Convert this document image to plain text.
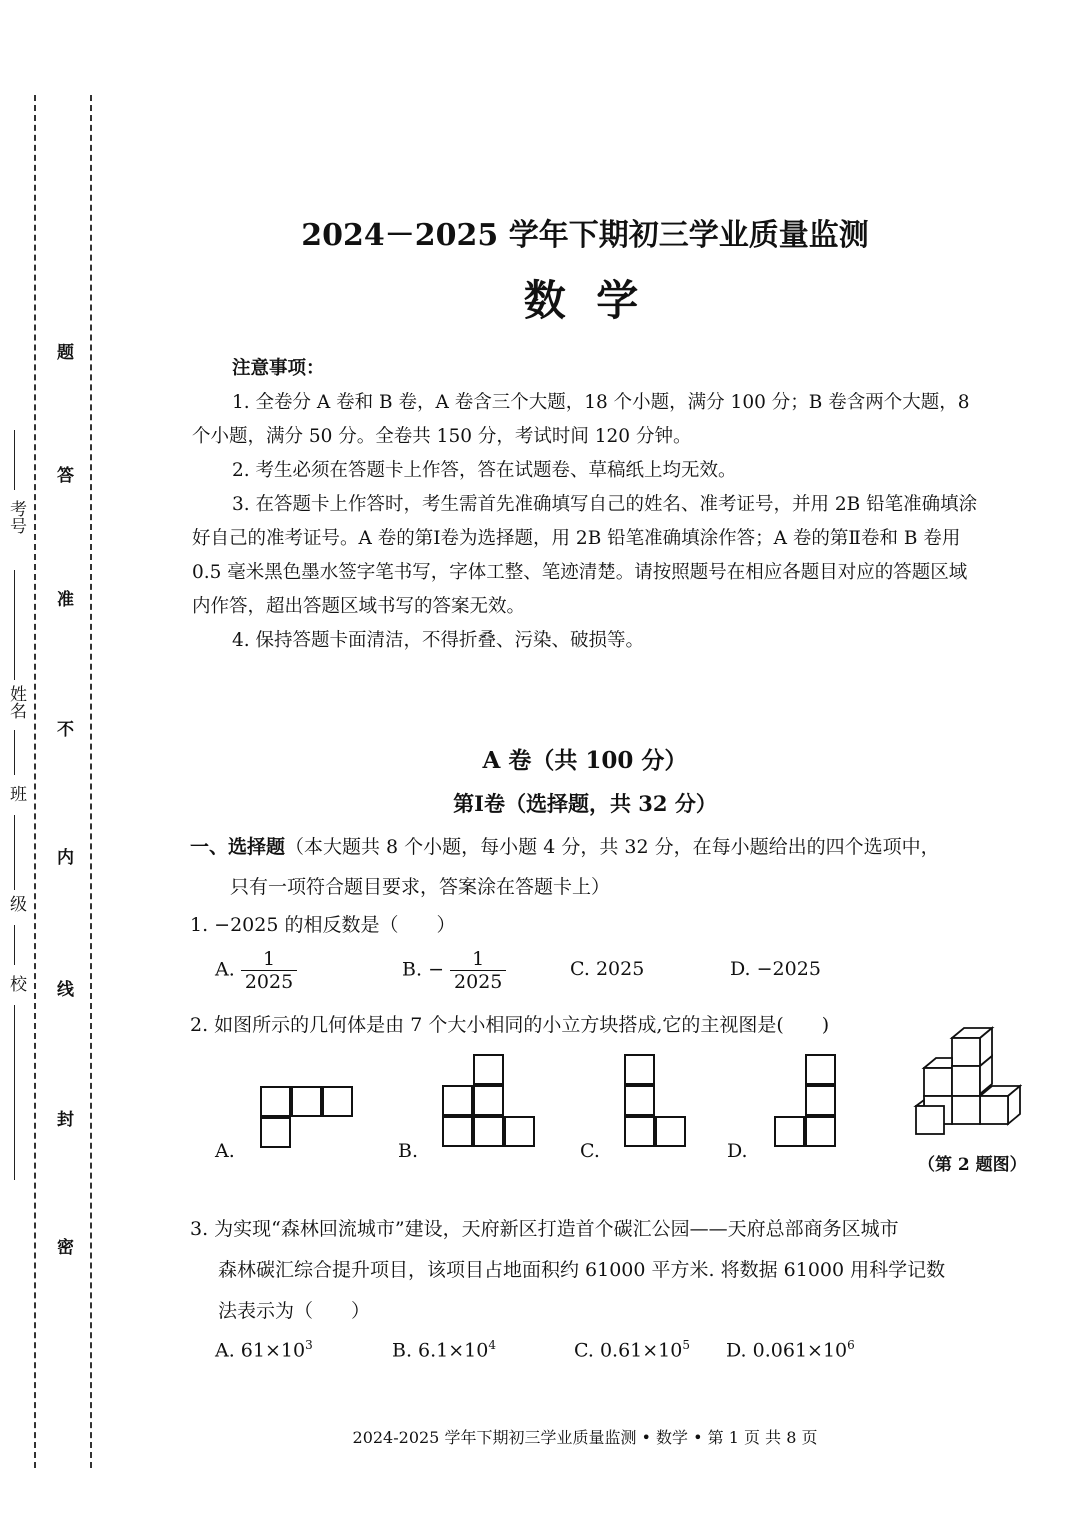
密
封
线
内
不
准
答
题
考号
姓名
班
级
校
2024－2025 学年下期初三学业质量监测
数 学

注意事项：

1. 全卷分 A 卷和 B 卷，A 卷含三个大题，18 个小题，满分 100 分；B 卷含两个大题，8 个小题，满分 50 分。全卷共 150 分，考试时间 120 分钟。

2. 考生必须在答题卡上作答，答在试题卷、草稿纸上均无效。

3. 在答题卡上作答时，考生需首先准确填写自己的姓名、准考证号，并用 2B 铅笔准确填涂好自己的准考证号。A 卷的第Ⅰ卷为选择题，用 2B 铅笔准确填涂作答；A 卷的第Ⅱ卷和 B 卷用 0.5 毫米黑色墨水签字笔书写，字体工整、笔迹清楚。请按照题号在相应各题目对应的答题区域内作答，超出答题区域书写的答案无效。

4. 保持答题卡面清洁，不得折叠、污染、破损等。

A 卷（共 100 分）
第Ⅰ卷（选择题，共 32 分）
一、选择题（本大题共 8 个小题，每小题 4 分，共 32 分，在每小题给出的四个选项中，
只有一项符合题目要求，答案涂在答题卡上）
1. −2025 的相反数是（　　）
A. $\frac{1}{2025}$	B. − $\frac{1}{2025}$	C. 2025	D. −2025
2. 如图所示的几何体是由 7 个大小相同的小立方块搭成,它的主视图是(　　)
A.	B.	C.	D.
（第 2 题图）
3. 为实现“森林回流城市”建设，天府新区打造首个碳汇公园——天府总部商务区城市
森林碳汇综合提升项目，该项目占地面积约 61000 平方米. 将数据 61000 用科学记数
法表示为（　　）
A. $61\times 10^3$	B. $6.1\times 10^4$	C. $0.61\times 10^5$ D. $0.061\times 10^6$
2024-2025 学年下期初三学业质量监测 • 数学 • 第 1 页 共 8 页
